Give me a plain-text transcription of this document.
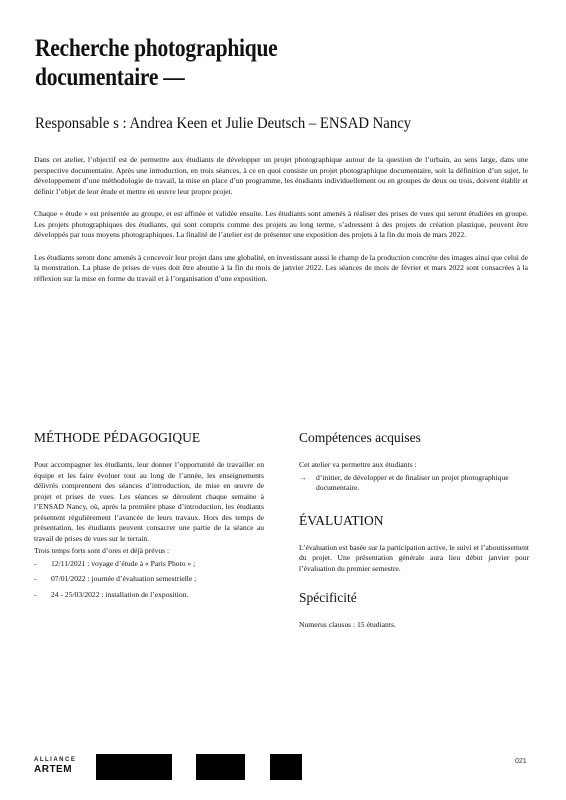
Recherche photographique documentaire —
Responsable s : Andrea Keen et Julie Deutsch – ENSAD Nancy

Dans cet atelier, l’objectif est de permettre aux étudiants de développer un projet photographique autour de la question de l’urbain, au sens large, dans une perspective documentaire. Après une introduction, en trois séances, à ce en quoi consiste un projet photographique documentaire, soit la définition d’un sujet, le développement d’une méthodologie de travail, la mise en place d’un programme, les étudiants individuellement ou en groupes de deux ou trois, doivent établir et définir l’objet de leur étude et mettre en œuvre leur propre projet.

Chaque « étude » est présentée au groupe, et est affinée et validée ensuite. Les étudiants sont amenés à réaliser des prises de vues qui seront étudiées en groupe. Les projets photographiques des étudiants, qui sont compris comme des projets au long terme, s’adressent à des projets de création plastique, peuvent être développés par tous moyens photographiques. La finalité de l’atelier est de présenter une exposition des projets à la fin du mois de mars 2022.

Les étudiants seront donc amenés à concevoir leur projet dans une globalité, en investissant aussi le champ de la production concrète des images ainsi que celui de la monstration. La phase de prises de vues doit être aboutie à la fin du mois de janvier 2022. Les séances de mois de février et mars 2022 sont consacrées à la réflexion sur la mise en forme du travail et à l’organisation d’une exposition.

MÉTHODE PÉDAGOGIQUE

Pour accompagner les étudiants, leur donner l’opportunité de travailler en équipe et les faire évoluer tout au long de l’année, les enseignements délivrés comprennent des séances d’introduction, de mise en œuvre de projet et prises de vues. Les séances se déroulent chaque semaine à l’ENSAD Nancy, où, après la première phase d’introduction, les étudiants présentent régulièrement l’avancée de leurs travaux. Hors des temps de présentation, les étudiants peuvent consacrer une partie de la séance au travail de prises de vues sur le terrain.

Trois temps forts sont d’ores et déjà prévus :

- 12/11/2021 : voyage d’étude à « Paris Photo » ;
- 07/01/2022 : journée d’évaluation semestrielle ;
- 24 - 25/03/2022 : installation de l’exposition.
Compétences acquises

Cet atelier va permettre aux étudiants :

→ d’initier, de développer et de finaliser un projet photographique documentaire.
ÉVALUATION

L’évaluation est basée sur la participation active, le suivi et l’aboutissement du projet. Une présentation générale aura lieu début janvier pour l’évaluation du premier semestre.

Spécificité

Numerus clausus : 15 étudiants.

ALLIANCE
ARTEM
021
